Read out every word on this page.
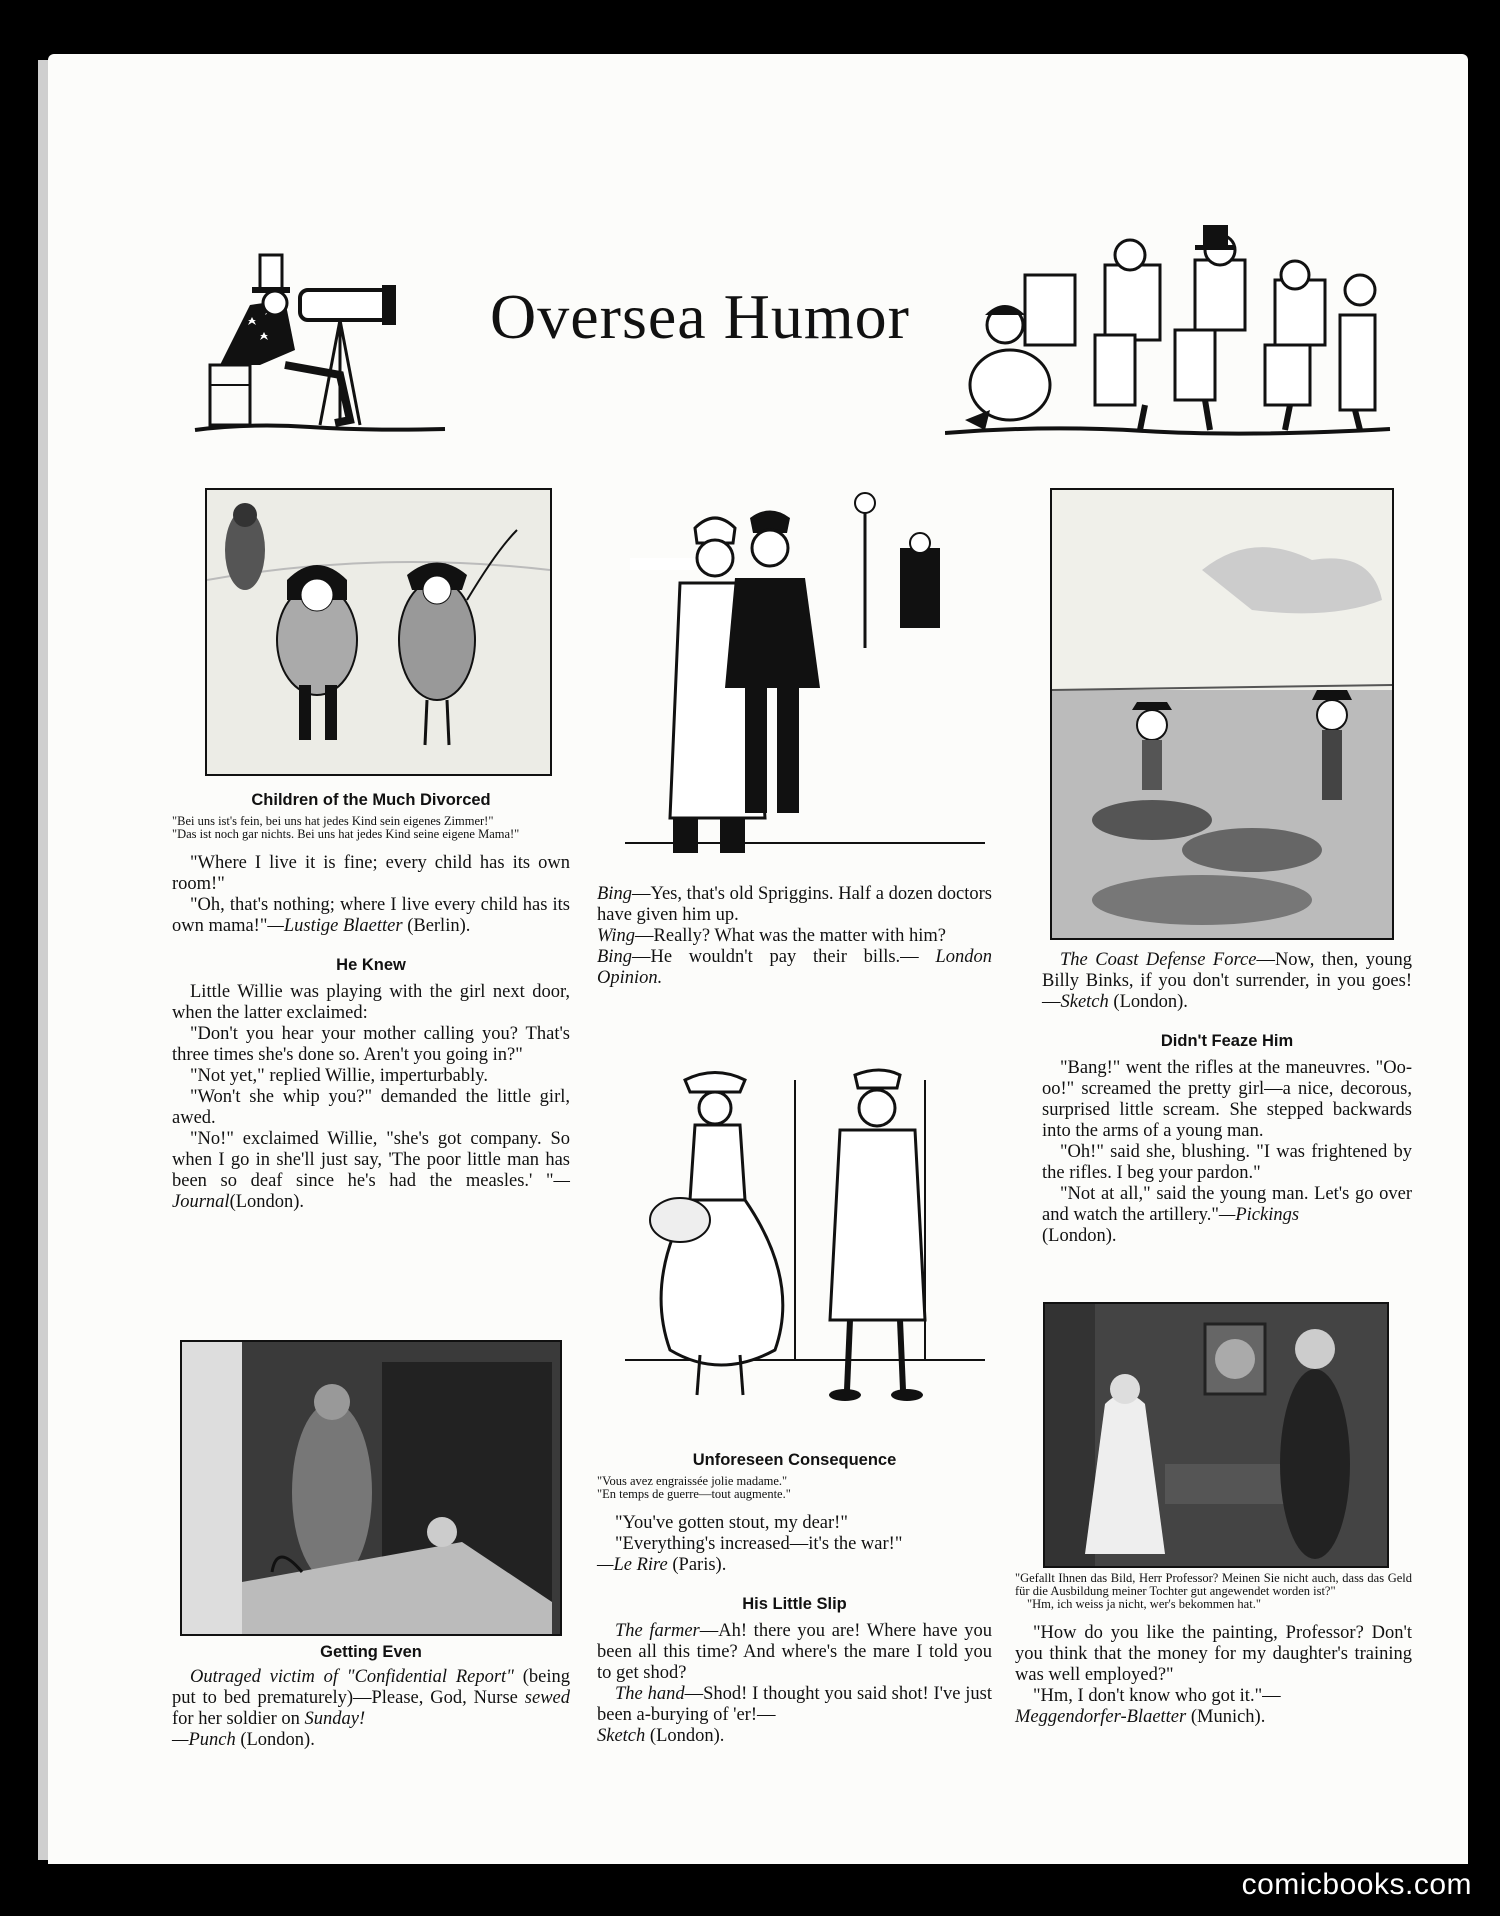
Oversea Humor
Children of the Much Divorced

"Bei uns ist's fein, bei uns hat jedes Kind sein eigenes Zimmer!"

"Das ist noch gar nichts. Bei uns hat jedes Kind seine eigene Mama!"

"Where I live it is fine; every child has its own room!"

"Oh, that's nothing; where I live every child has its own mama!"—Lustige Blaetter (Berlin).

He Knew

Little Willie was playing with the girl next door, when the latter exclaimed:

"Don't you hear your mother calling you? That's three times she's done so. Aren't you going in?"

"Not yet," replied Willie, imperturbably.

"Won't she whip you?" demanded the little girl, awed.

"No!" exclaimed Willie, "she's got company. So when I go in she'll just say, 'The poor little man has been so deaf since he's had the measles.' "—Journal(London).

Getting Even

Outraged victim of "Confidential Report" (being put to bed prematurely)—Please, God, Nurse sewed for her soldier on Sunday!
—Punch (London).

Bing—Yes, that's old Spriggins. Half a dozen doctors have given him up.

Wing—Really? What was the matter with him?

Bing—He wouldn't pay their bills.— London Opinion.

Unforeseen Consequence

"Vous avez engraissée jolie madame."

"En temps de guerre—tout augmente."

"You've gotten stout, my dear!"

"Everything's increased—it's the war!"

—Le Rire (Paris).

His Little Slip

The farmer—Ah! there you are! Where have you been all this time? And where's the mare I told you to get shod?

The hand—Shod! I thought you said shot! I've just been a-burying of 'er!—
Sketch (London).

The Coast Defense Force—Now, then, young Billy Binks, if you don't surrender, in you goes!—Sketch (London).

Didn't Feaze Him

"Bang!" went the rifles at the maneuvres. "Oo-oo!" screamed the pretty girl—a nice, decorous, surprised little scream. She stepped backwards into the arms of a young man.

"Oh!" said she, blushing. "I was frightened by the rifles. I beg your pardon."

"Not at all," said the young man. Let's go over and watch the artillery."—Pickings
(London).

"Gefallt Ihnen das Bild, Herr Professor? Meinen Sie nicht auch, dass das Geld für die Ausbildung meiner Tochter gut angewendet worden ist?"

"Hm, ich weiss ja nicht, wer's bekommen hat."

"How do you like the painting, Professor? Don't you think that the money for my daughter's training was well employed?"

"Hm, I don't know who got it."—
Meggendorfer-Blaetter (Munich).

comicbooks.com
